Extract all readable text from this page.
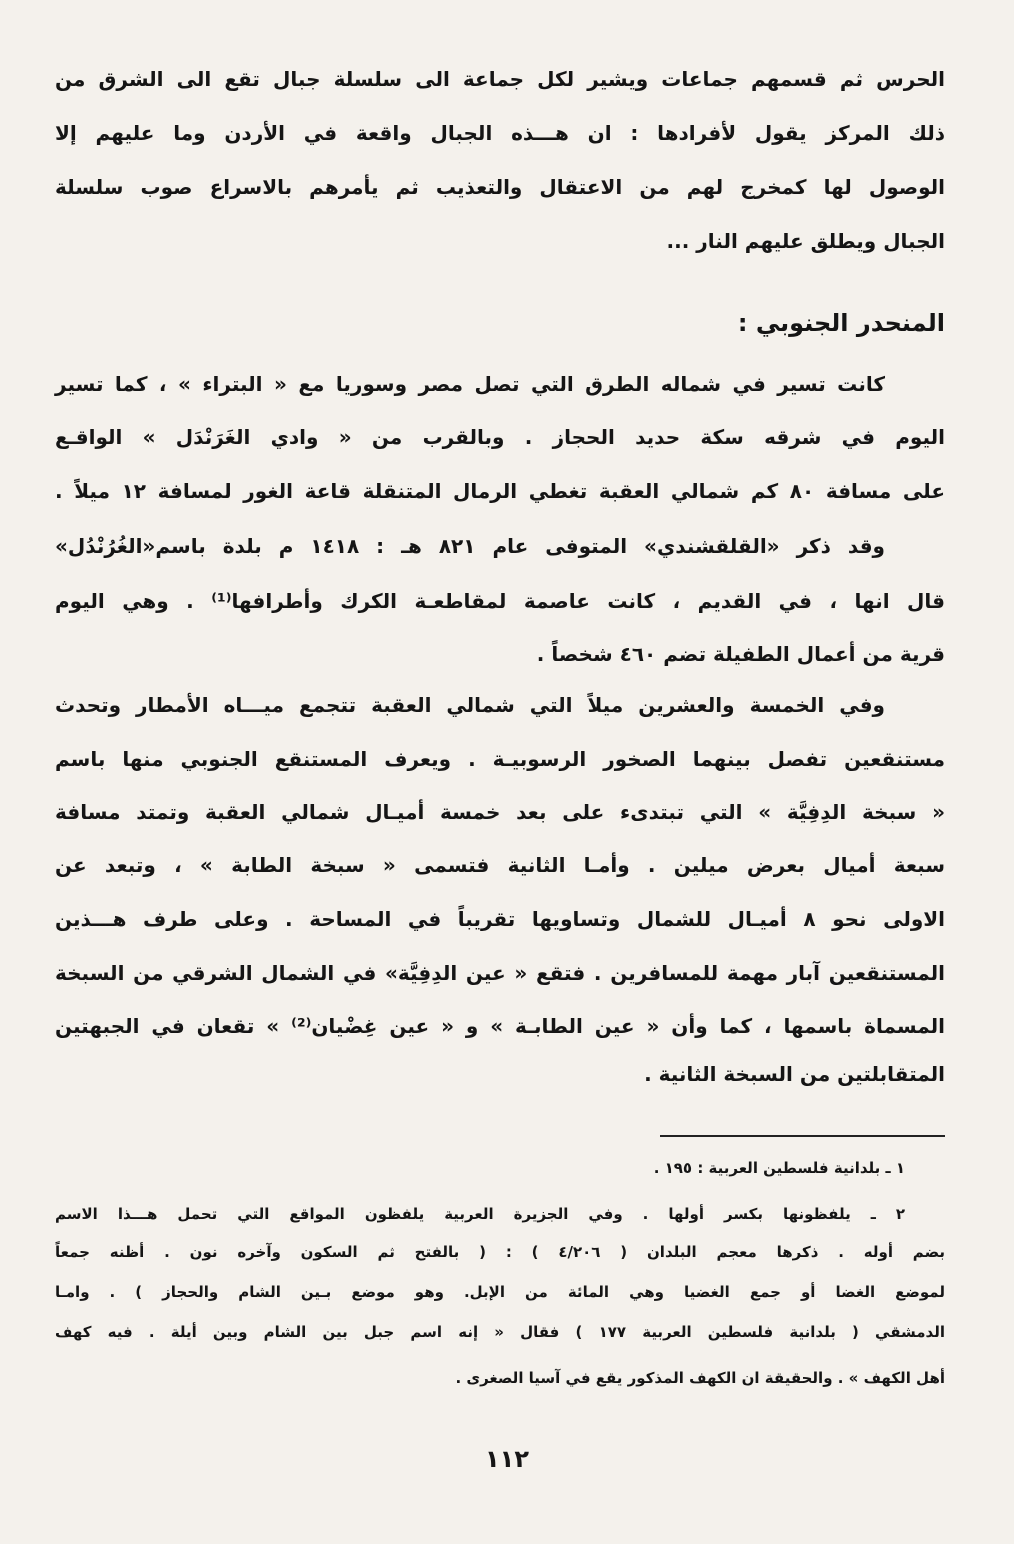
الحرس ثم قسمهم جماعات ويشير لكل جماعة الى سلسلة جبال تقع الى الشرق من
ذلك المركز يقول لأفرادها : ان هـــذه الجبال واقعة في الأردن وما عليهم إلا
الوصول لها كمخرج لهم من الاعتقال والتعذيب ثم يأمرهم بالاسراع صوب سلسلة
الجبال ويطلق عليهم النار ...
المنحدر الجنوبي :
كانت تسير في شماله الطرق التي تصل مصر وسوريا مع « البتراء » ، كما تسير
اليوم في شرقه سكة حديد الحجاز . وبالقرب من « وادي الغَرَنْدَل » الواقـع
على مسافة ٨٠ كم شمالي العقبة تغطي الرمال المتنقلة قاعة الغور لمسافة ١٢ ميلاً .
وقد ذكر «القلقشندي» المتوفى عام ٨٢١ هـ : ١٤١٨ م بلدة باسم«الغُرُنْدُل»
قال انها ، في القديم ، كانت عاصمة لمقاطعـة الكرك وأطرافها⁽¹⁾ . وهي اليوم
قرية من أعمال الطفيلة تضم ٤٦٠ شخصاً .
وفي الخمسة والعشرين ميلاً التي شمالي العقبة تتجمع ميـــاه الأمطار وتحدث
مستنقعين تفصل بينهما الصخور الرسوبيـة . ويعرف المستنقع الجنوبي منها باسم
« سبخة الدِفِيَّة » التي تبتدىء على بعد خمسة أميـال شمالي العقبة وتمتد مسافة
سبعة أميال بعرض ميلين . وأمـا الثانية فتسمى « سبخة الطابة » ، وتبعد عن
الاولى نحو ٨ أميـال للشمال وتساويها تقريباً في المساحة . وعلى طرف هـــذين
المستنقعين آبار مهمة للمسافرين . فتقع « عين الدِفِيَّة» في الشمال الشرقي من السبخة
المسماة باسمها ، كما وأن « عين الطابـة » و « عين غِضْيان⁽²⁾ » تقعان في الجبهتين
المتقابلتين من السبخة الثانية .
١ ـ بلدانية فلسطين العربية : ١٩٥ .
٢ ـ يلفظونها بكسر أولها . وفي الجزيرة العربية يلفظون المواقع التي تحمل هـــذا الاسم
بضم أوله . ذكرها معجم البلدان ( ٤/٢٠٦ ) : ( بالفتح ثم السكون وآخره نون . أظنه جمعاً
لموضع الغضا أو جمع الغضيا وهي المائة من الإبل. وهو موضع بـين الشام والحجاز ) . وامـا
الدمشقي ( بلدانية فلسطين العربية ١٧٧ ) فقال « إنه اسم جبل بين الشام وبين أيلة . فيه كهف
أهل الكهف » . والحقيقة ان الكهف المذكور يقع في آسيا الصغرى .
١١٢
